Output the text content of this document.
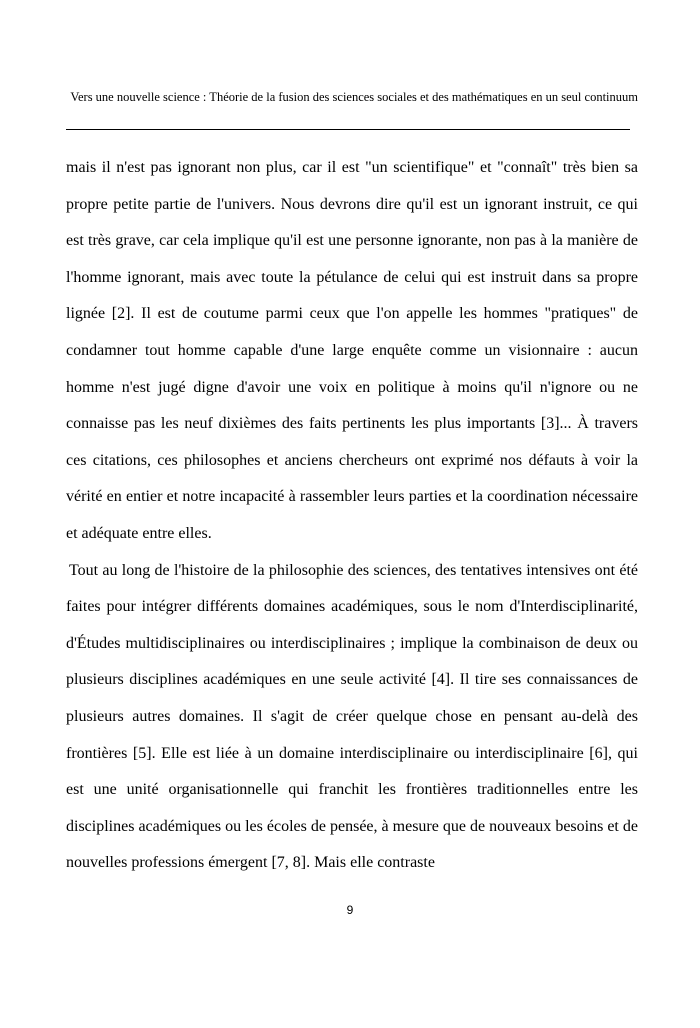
Vers une nouvelle science : Théorie de la fusion des sciences sociales et des mathématiques en un seul continuum

mais il n'est pas ignorant non plus, car il est "un scientifique" et "connaît" très bien sa propre petite partie de l'univers. Nous devrons dire qu'il est un ignorant instruit, ce qui est très grave, car cela implique qu'il est une personne ignorante, non pas à la manière de l'homme ignorant, mais avec toute la pétulance de celui qui est instruit dans sa propre lignée [2]. Il est de coutume parmi ceux que l'on appelle les hommes "pratiques" de condamner tout homme capable d'une large enquête comme un visionnaire : aucun homme n'est jugé digne d'avoir une voix en politique à moins qu'il n'ignore ou ne connaisse pas les neuf dixièmes des faits pertinents les plus importants [3]... À travers ces citations, ces philosophes et anciens chercheurs ont exprimé nos défauts à voir la vérité en entier et notre incapacité à rassembler leurs parties et la coordination nécessaire et adéquate entre elles.

Tout au long de l'histoire de la philosophie des sciences, des tentatives intensives ont été faites pour intégrer différents domaines académiques, sous le nom d'Interdisciplinarité, d'Études multidisciplinaires ou interdisciplinaires ; implique la combinaison de deux ou plusieurs disciplines académiques en une seule activité [4]. Il tire ses connaissances de plusieurs autres domaines. Il s'agit de créer quelque chose en pensant au-delà des frontières [5]. Elle est liée à un domaine interdisciplinaire ou interdisciplinaire [6], qui est une unité organisationnelle qui franchit les frontières traditionnelles entre les disciplines académiques ou les écoles de pensée, à mesure que de nouveaux besoins et de nouvelles professions émergent [7, 8]. Mais elle contraste

9
